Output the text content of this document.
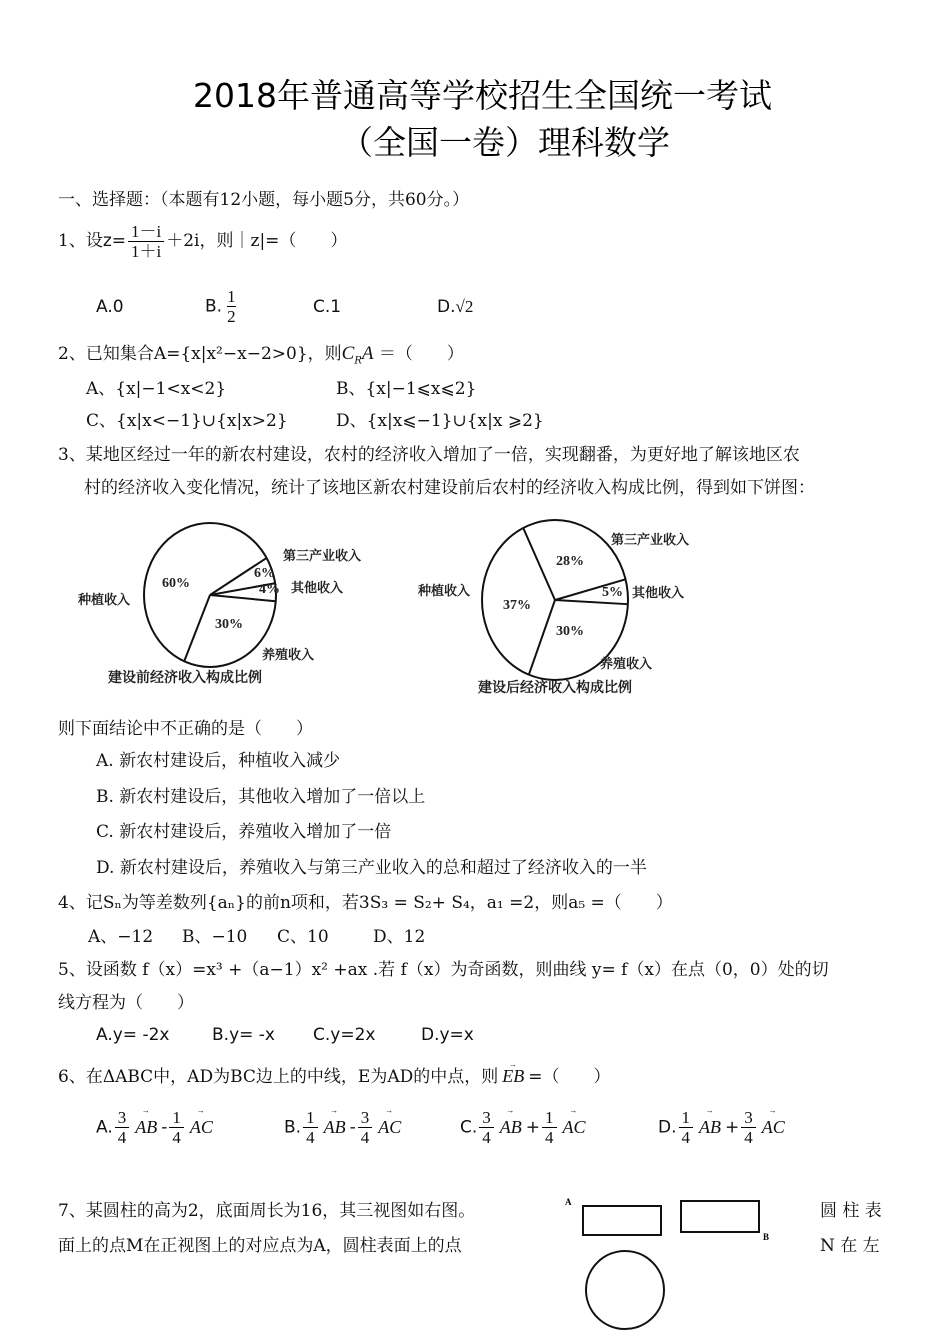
2018年普通高等学校招生全国统一考试
（全国一卷）理科数学
一、选择题：（本题有12小题，每小题5分，共60分。）
1、设$z= \frac{1-i}{1+i} +2i$，则｜z|=（　　）
A.0	B. $\frac{1}{2}$	C.1	D.√2
2、已知集合A={x|x²−x−2>0}，则$C_RA$ ＝（　　）
A、{x|−1<x<2}	B、{x|−1⩽x⩽2}
C、{x|x<−1}∪{x|x>2}	D、{x|x⩽−1}∪{x|x ⩾2}
3、某地区经过一年的新农村建设，农村的经济收入增加了一倍，实现翻番，为更好地了解该地区农
村的经济收入变化情况，统计了该地区新农村建设前后农村的经济收入构成比例，得到如下饼图：
种植收入
第三产业收入
其他收入
养殖收入
60%
6%
4%
30%
建设前经济收入构成比例
种植收入
第三产业收入
其他收入
养殖收入
28%
37%
5%
30%
建设后经济收入构成比例
则下面结论中不正确的是（　　）
A. 新农村建设后，种植收入减少
B. 新农村建设后，其他收入增加了一倍以上
C. 新农村建设后，养殖收入增加了一倍
D. 新农村建设后，养殖收入与第三产业收入的总和超过了经济收入的一半
4、记Sₙ为等差数列{aₙ}的前n项和，若3S₃ = S₂+ S₄，a₁ =2，则a₅ =（　　）
A、−12 B、−10 C、10	D、12
5、设函数 f（x）=x³ +（a−1）x² +ax .若 f（x）为奇函数，则曲线 y= f（x）在点（0，0）处的切
线方程为（　　）
A.y= -2x	B.y= -x C.y=2x	D.y=x
6、在ΔABC中，AD为BC边上的中线，E为AD的中点，则 → EB =（　　）
A. $\frac{3}{4}$ → AB - $\frac{1}{4}$ → AC	B. $\frac{1}{4}$ → AB - $\frac{3}{4}$ → AC	C. $\frac{3}{4}$ → AB + $\frac{1}{4}$ → AC	D. $\frac{1}{4}$ → AB + $\frac{3}{4}$ → AC
7、某圆柱的高为2，底面周长为16，其三视图如右图。	圆 柱 表
面上的点M在正视图上的对应点为A，圆柱表面上的点	N 在 左
A
B
